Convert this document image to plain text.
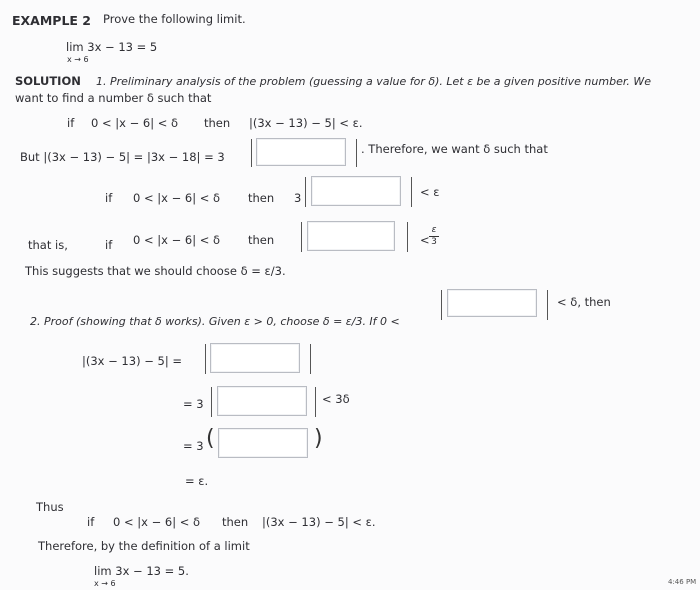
EXAMPLE 2 Prove the following limit.
lim 3x − 13 = 5
x → 6
SOLUTION 1. Preliminary analysis of the problem (guessing a value for δ). Let ε be a given positive number. We
want to find a number δ such that
if 0 < |x − 6| < δ then |(3x − 13) − 5| < ε.
But |(3x − 13) − 5| = |3x − 18| = 3
. Therefore, we want δ such that
if 0 < |x − 6| < δ then 3	< ε
that is,	if 0 < |x − 6| < δ then	<
ε
3
This suggests that we should choose δ = ε/3.
2. Proof (showing that δ works). Given ε > 0, choose δ = ε/3. If 0 <
< δ, then
|(3x − 13) − 5| =
= 3	< 3δ
= 3 (	)
= ε.
Thus
if 0 < |x − 6| < δ then |(3x − 13) − 5| < ε.
Therefore, by the definition of a limit
lim 3x − 13 = 5.
x → 6	4:46 PM
